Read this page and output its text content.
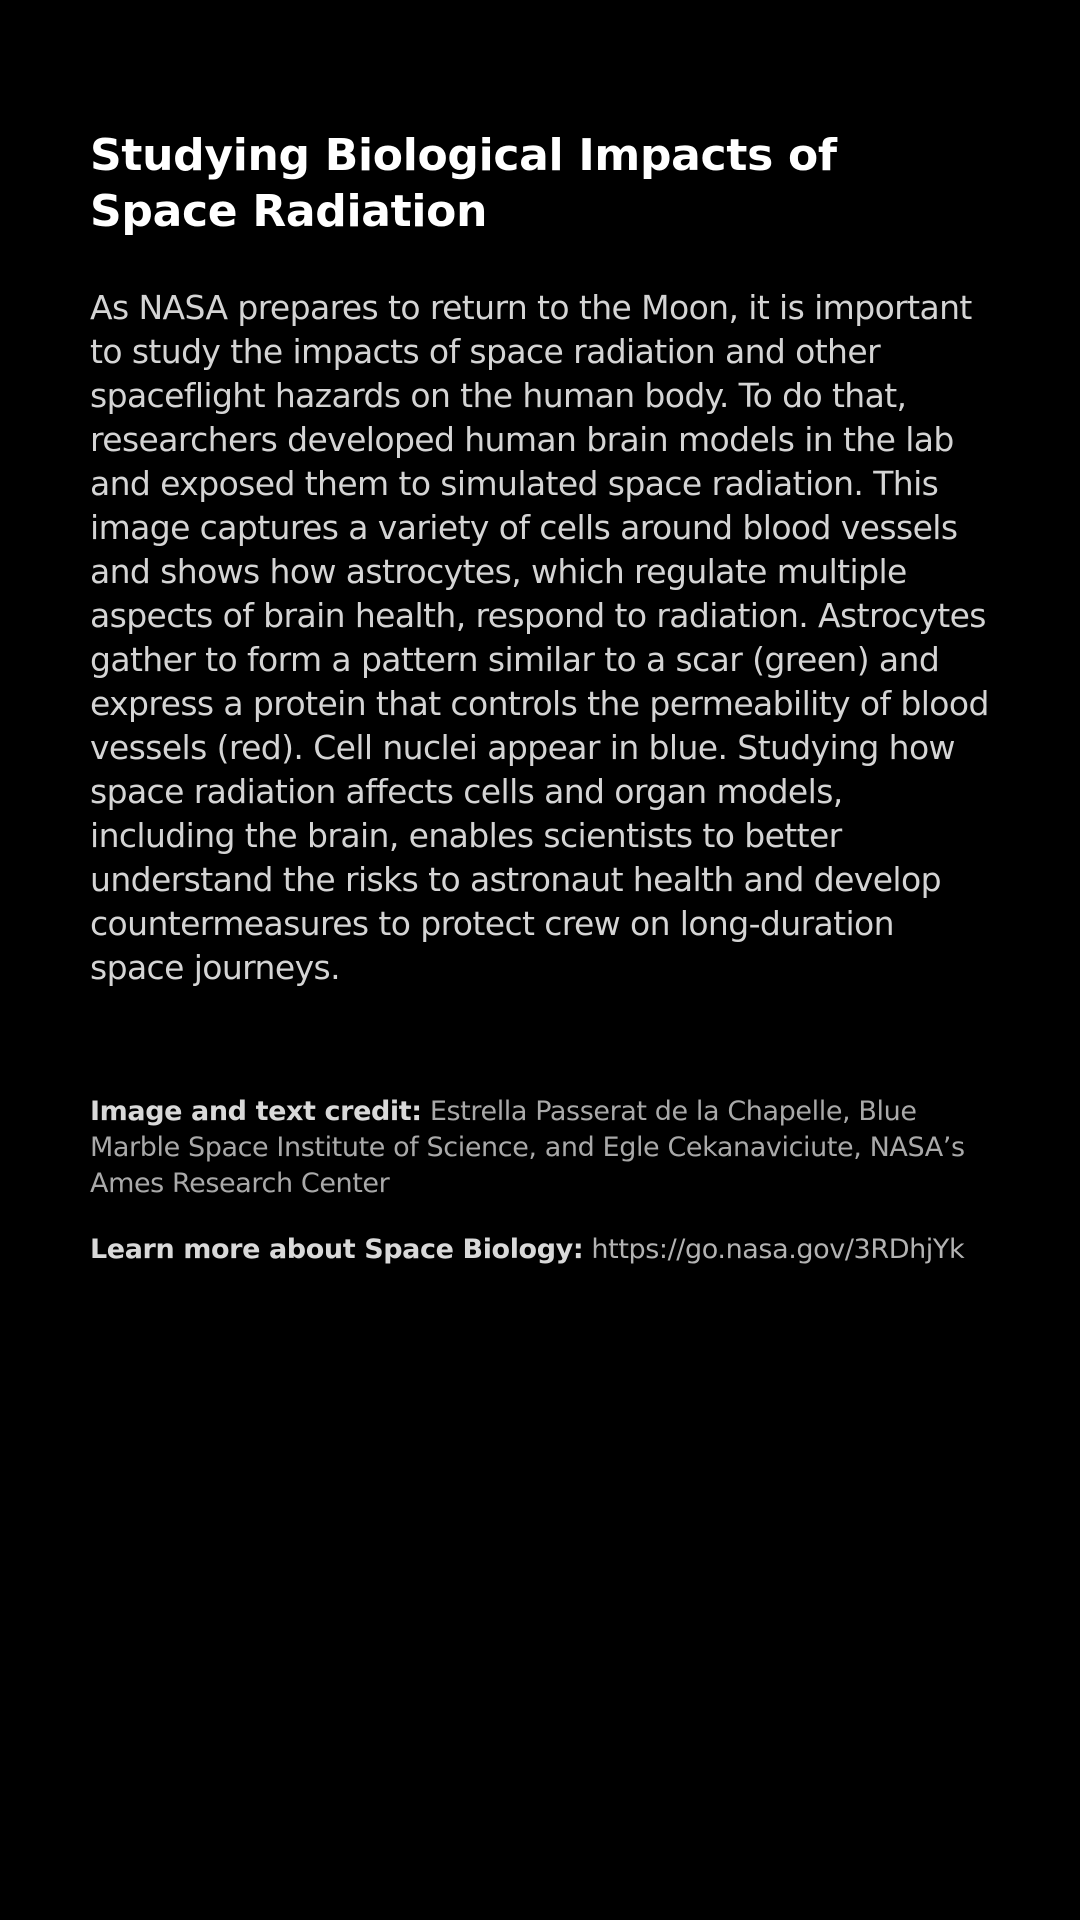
Studying Biological Impacts of Space Radiation

As NASA prepares to return to the Moon, it is important to study the impacts of space radiation and other spaceflight hazards on the human body. To do that, researchers developed human brain models in the lab and exposed them to simulated space radiation. This image captures a variety of cells around blood vessels and shows how astrocytes, which regulate multiple aspects of brain health, respond to radiation. Astrocytes gather to form a pattern similar to a scar (green) and express a protein that controls the permeability of blood vessels (red). Cell nuclei appear in blue. Studying how space radiation affects cells and organ models, including the brain, enables scientists to better understand the risks to astronaut health and develop countermeasures to protect crew on long-duration space journeys.

Image and text credit: Estrella Passerat de la Chapelle, Blue Marble Space Institute of Science, and Egle Cekanaviciute, NASA’s Ames Research Center

Learn more about Space Biology: https://go.nasa.gov/3RDhjYk
